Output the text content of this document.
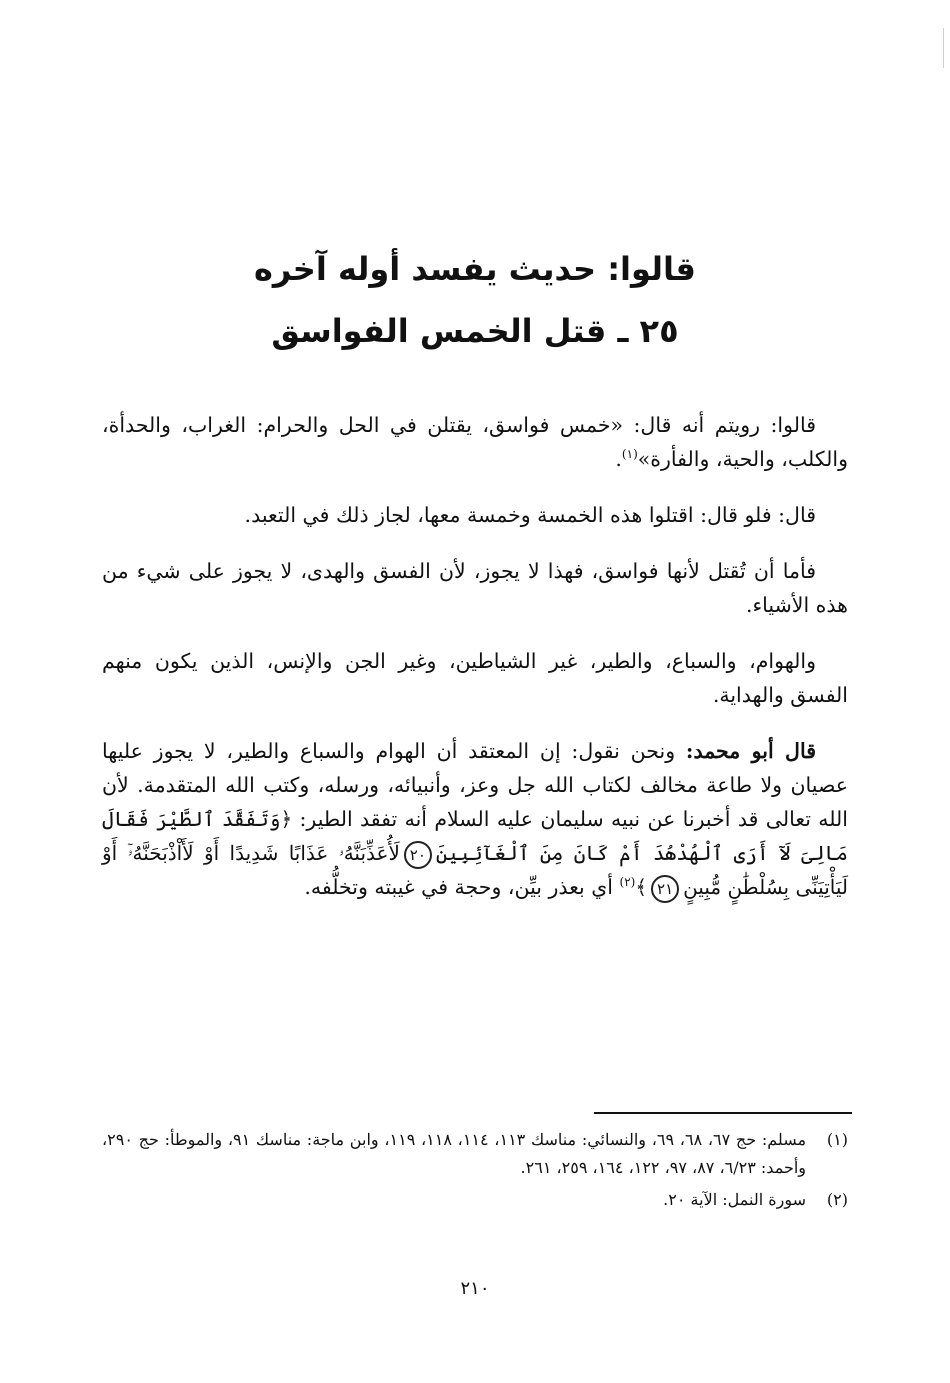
قالوا: حديث يفسد أوله آخره
٢٥ ـ قتل الخمس الفواسق

قالوا: رويتم أنه قال: «خمس فواسق، يقتلن في الحل والحرام: الغراب، والحدأة، والكلب، والحية، والفأرة»$^{(١)}$.

قال: فلو قال: اقتلوا هذه الخمسة وخمسة معها، لجاز ذلك في التعبد.

فأما أن تُقتل لأنها فواسق، فهذا لا يجوز، لأن الفسق والهدى، لا يجوز على شيء من هذه الأشياء.

والهوام، والسباع، والطير، غير الشياطين، وغير الجن والإنس، الذين يكون منهم الفسق والهداية.

قال أبو محمد: ونحن نقول: إن المعتقد أن الهوام والسباع والطير، لا يجوز عليها عصيان ولا طاعة مخالف لكتاب الله جل وعز، وأنبيائه، ورسله، وكتب الله المتقدمة. لأن الله تعالى قد أخبرنا عن نبيه سليمان عليه السلام أنه تفقد الطير: ﴿وَتَفَقَّدَ ٱلطَّيْرَ فَقَالَ مَالِىَ لَآ أَرَى ٱلْهُدْهُدَ أَمْ كَانَ مِنَ ٱلْغَآئِبِينَ٢٠لَأُعَذِّبَنَّهُۥ عَذَابًا شَدِيدًا أَوْ لَأَاْذْبَحَنَّهُۥٓ أَوْ لَيَأْتِيَنِّى بِسُلْطَٰنٍ مُّبِينٍ٢١﴾$^{(٢)}$ أي بعذر بيِّن، وحجة في غيبته وتخلُّفه.

(١)
مسلم: حج ٦٧، ٦٨، ٦٩، والنسائي: مناسك ١١٣، ١١٤، ١١٨، ١١٩، وابن ماجة: مناسك ٩١، والموطأ: حج ٢٩٠، وأحمد: ٦/٢٣، ٨٧، ٩٧، ١٢٢، ١٦٤، ٢٥٩، ٢٦١.
(٢)
سورة النمل: الآية ٢٠.
٢١٠
